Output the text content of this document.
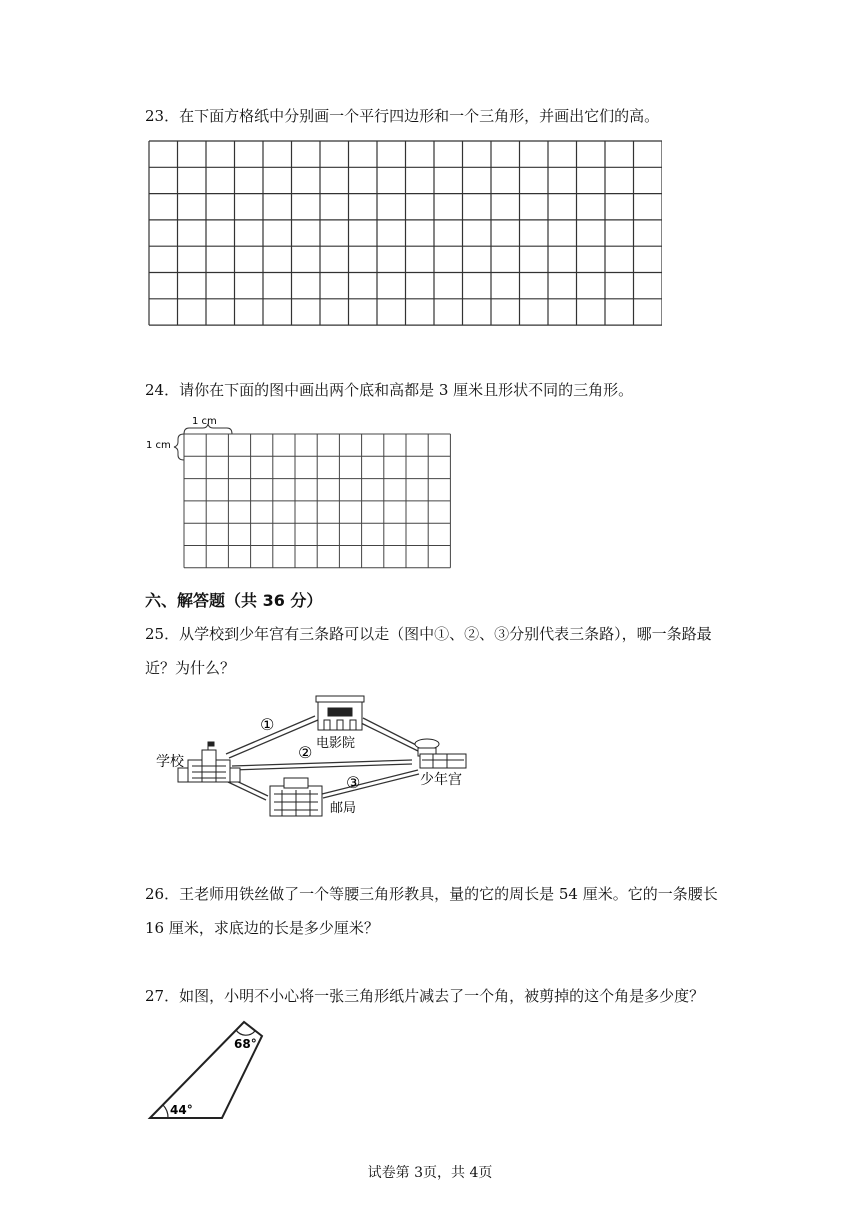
23．在下面方格纸中分别画一个平行四边形和一个三角形，并画出它们的高。
24．请你在下面的图中画出两个底和高都是 3 厘米且形状不同的三角形。
1 cm
1 cm
六、解答题（共 36 分）
25．从学校到少年宫有三条路可以走（图中①、②、③分别代表三条路），哪一条路最
近？为什么？
学校
电影院
少年宫
邮局
①
②
③
26．王老师用铁丝做了一个等腰三角形教具，量的它的周长是 54 厘米。它的一条腰长
16 厘米，求底边的长是多少厘米？
27．如图，小明不小心将一张三角形纸片减去了一个角，被剪掉的这个角是多少度？
68°
44°
试卷第 3页，共 4页
